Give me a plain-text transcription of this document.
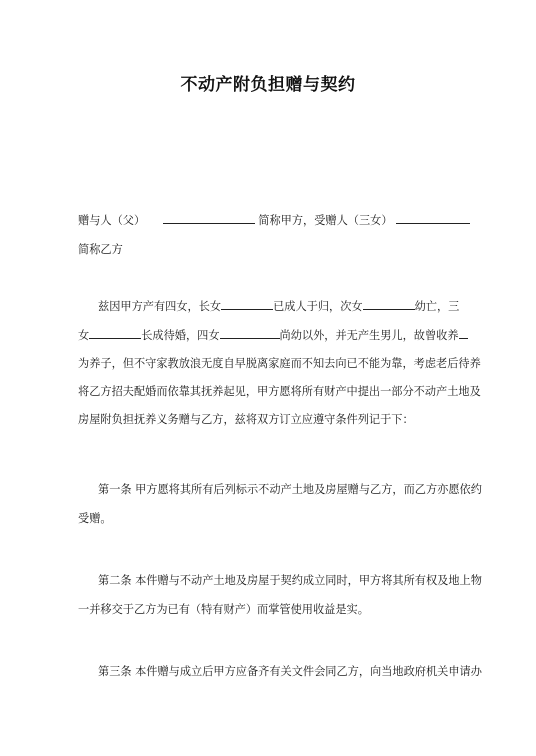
不动产附负担赠与契约
赠与人（父）	简称甲方，受赠人（三女）
简称乙方
兹因甲方产有四女，长女	已成人于归，次女	幼亡，三
女	长成待婚，四女	尚幼以外，并无产生男儿，故曾收养
为养子，但不守家教放浪无度自早脱离家庭而不知去向已不能为靠，考虑老后待养
将乙方招夫配婚而依靠其抚养起见，甲方愿将所有财产中提出一部分不动产土地及
房屋附负担抚养义务赠与乙方，兹将双方订立应遵守条件列记于下：
第一条 甲方愿将其所有后列标示不动产土地及房屋赠与乙方，而乙方亦愿依约
受赠。
第二条 本件赠与不动产土地及房屋于契约成立同时，甲方将其所有权及地上物
一并移交于乙方为已有（特有财产）而掌管使用收益是实。
第三条 本件赠与成立后甲方应备齐有关文件会同乙方，向当地政府机关申请办
